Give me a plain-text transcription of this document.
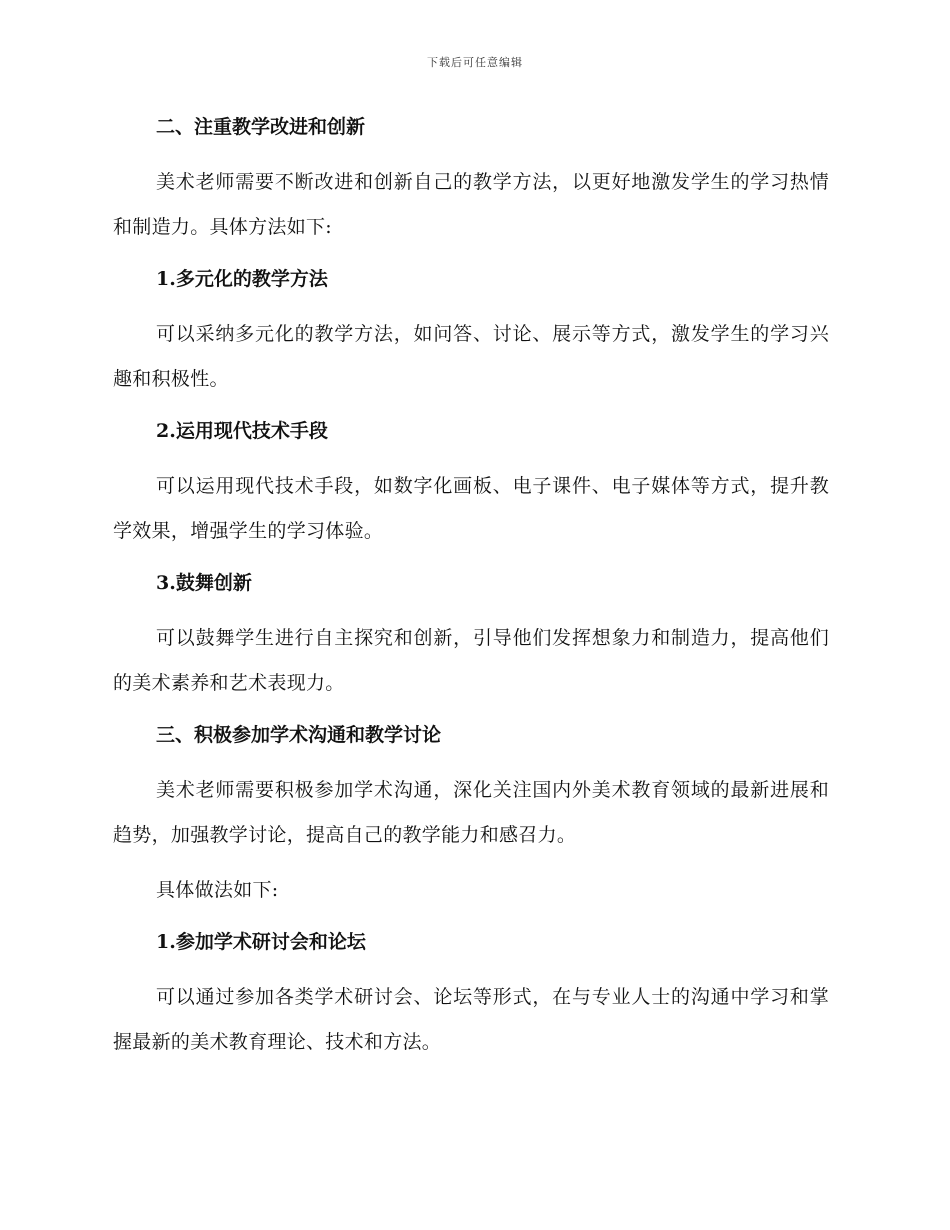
下载后可任意编辑

二、注重教学改进和创新

美术老师需要不断改进和创新自己的教学方法，以更好地激发学生的学习热情和制造力。具体方法如下:

1.多元化的教学方法

可以采纳多元化的教学方法，如问答、讨论、展示等方式，激发学生的学习兴趣和积极性。

2.运用现代技术手段

可以运用现代技术手段，如数字化画板、电子课件、电子媒体等方式，提升教学效果，增强学生的学习体验。

3.鼓舞创新

可以鼓舞学生进行自主探究和创新，引导他们发挥想象力和制造力，提高他们的美术素养和艺术表现力。

三、积极参加学术沟通和教学讨论

美术老师需要积极参加学术沟通，深化关注国内外美术教育领域的最新进展和趋势，加强教学讨论，提高自己的教学能力和感召力。

具体做法如下:

1.参加学术研讨会和论坛

可以通过参加各类学术研讨会、论坛等形式，在与专业人士的沟通中学习和掌握最新的美术教育理论、技术和方法。
